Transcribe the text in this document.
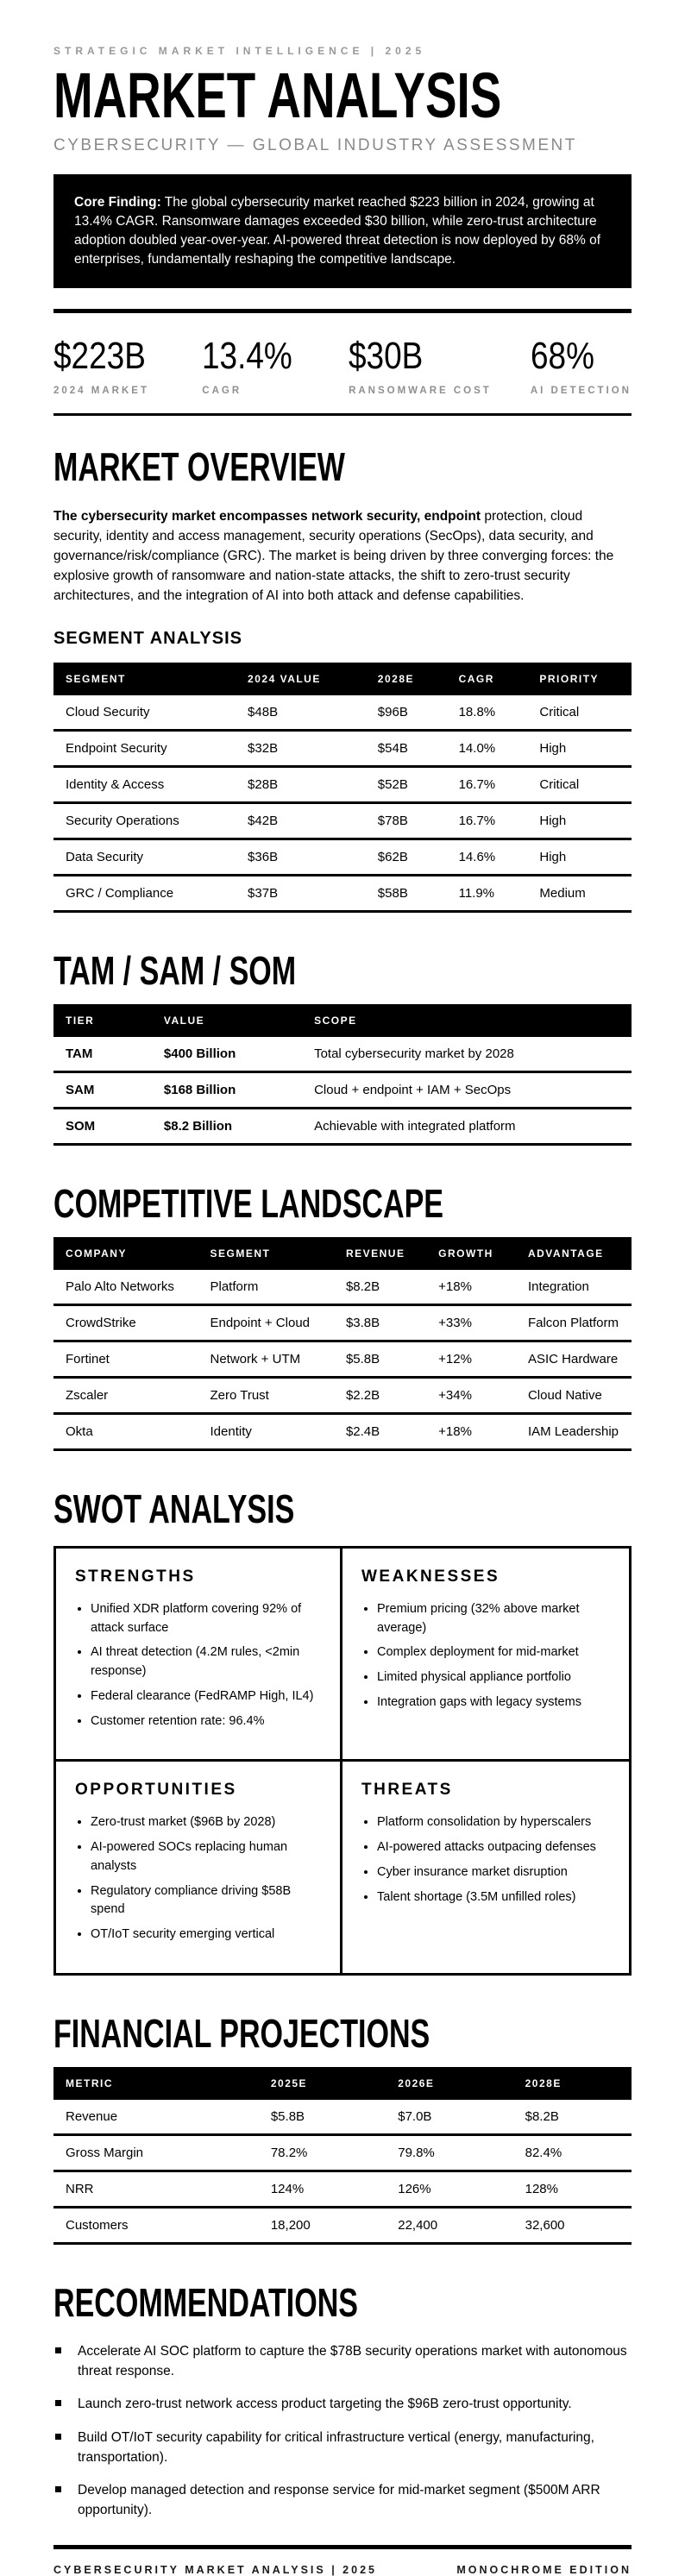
STRATEGIC MARKET INTELLIGENCE | 2025
MARKET ANALYSIS
CYBERSECURITY — GLOBAL INDUSTRY ASSESSMENT
Core Finding: The global cybersecurity market reached $223 billion in 2024, growing at 13.4% CAGR. Ransomware damages exceeded $30 billion, while zero-trust architecture adoption doubled year-over-year. AI-powered threat detection is now deployed by 68% of enterprises, fundamentally reshaping the competitive landscape.
$223B
2024 MARKET
13.4%
CAGR
$30B
RANSOMWARE COST
68%
AI DETECTION
MARKET OVERVIEW

The cybersecurity market encompasses network security, endpoint protection, cloud security, identity and access management, security operations (SecOps), data security, and governance/risk/compliance (GRC). The market is being driven by three converging forces: the explosive growth of ransomware and nation-state attacks, the shift to zero-trust security architectures, and the integration of AI into both attack and defense capabilities.

SEGMENT ANALYSIS
SEGMENT	2024 VALUE	2028E	CAGR	PRIORITY
Cloud Security	$48B	$96B	18.8%	Critical
Endpoint Security	$32B	$54B	14.0%	High
Identity & Access	$28B	$52B	16.7%	Critical
Security Operations	$42B	$78B	16.7%	High
Data Security	$36B	$62B	14.6%	High
GRC / Compliance	$37B	$58B	11.9%	Medium
TAM / SAM / SOM
TIER	VALUE	SCOPE
TAM	$400 Billion	Total cybersecurity market by 2028
SAM	$168 Billion	Cloud + endpoint + IAM + SecOps
SOM	$8.2 Billion	Achievable with integrated platform
COMPETITIVE LANDSCAPE
COMPANY	SEGMENT	REVENUE	GROWTH	ADVANTAGE
Palo Alto Networks	Platform	$8.2B	+18%	Integration
CrowdStrike	Endpoint + Cloud	$3.8B	+33%	Falcon Platform
Fortinet	Network + UTM	$5.8B	+12%	ASIC Hardware
Zscaler	Zero Trust	$2.2B	+34%	Cloud Native
Okta	Identity	$2.4B	+18%	IAM Leadership
SWOT ANALYSIS
STRENGTHS
• Unified XDR platform covering 92% of attack surface
• AI threat detection (4.2M rules, <2min response)
• Federal clearance (FedRAMP High, IL4)
• Customer retention rate: 96.4%
WEAKNESSES
• Premium pricing (32% above market average)
• Complex deployment for mid-market
• Limited physical appliance portfolio
• Integration gaps with legacy systems
OPPORTUNITIES
• Zero-trust market ($96B by 2028)
• AI-powered SOCs replacing human analysts
• Regulatory compliance driving $58B spend
• OT/IoT security emerging vertical
THREATS
• Platform consolidation by hyperscalers
• AI-powered attacks outpacing defenses
• Cyber insurance market disruption
• Talent shortage (3.5M unfilled roles)
FINANCIAL PROJECTIONS
METRIC	2025E	2026E	2028E
Revenue	$5.8B	$7.0B	$8.2B
Gross Margin	78.2%	79.8%	82.4%
NRR	124%	126%	128%
Customers	18,200	22,400	32,600
RECOMMENDATIONS
Accelerate AI SOC platform to capture the $78B security operations market with autonomous threat response.
Launch zero-trust network access product targeting the $96B zero-trust opportunity.
Build OT/IoT security capability for critical infrastructure vertical (energy, manufacturing, transportation).
Develop managed detection and response service for mid-market segment ($500M ARR opportunity).
CYBERSECURITY MARKET ANALYSIS | 2025	MONOCHROME EDITION
